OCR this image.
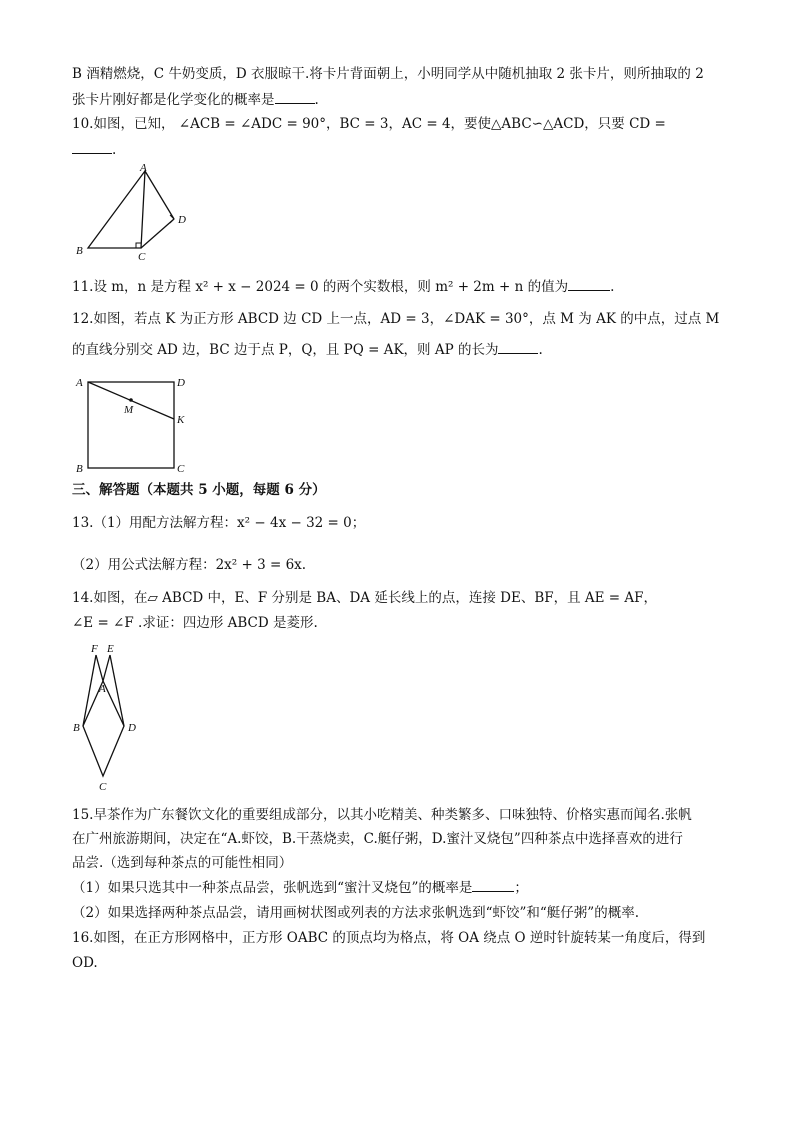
B 酒精燃烧，C 牛奶变质，D 衣服晾干.将卡片背面朝上，小明同学从中随机抽取 2 张卡片，则所抽取的 2
张卡片刚好都是化学变化的概率是	.
10.如图，已知， ∠ACB = ∠ADC = 90°，BC = 3，AC = 4，要使△ABC∽△ACD，只要 CD =
.
A
B	C
D
11.设 m，n 是方程 x² + x − 2024 = 0 的两个实数根，则 m² + 2m + n 的值为	.
12.如图，若点 K 为正方形 ABCD 边 CD 上一点，AD = 3，∠DAK = 30°，点 M 为 AK 的中点，过点 M
的直线分别交 AD 边，BC 边于点 P，Q，且 PQ = AK，则 AP 的长为	.
A	D
M
K
B	C
三、解答题（本题共 5 小题，每题 6 分）
13.（1）用配方法解方程：x² − 4x − 32 = 0；
（2）用公式法解方程：2x² + 3 = 6x.
14.如图，在▱ ABCD 中，E、F 分别是 BA、DA 延长线上的点，连接 DE、BF，且 AE = AF，
∠E = ∠F .求证：四边形 ABCD 是菱形.
F E
A
B	D
C
15.早茶作为广东餐饮文化的重要组成部分，以其小吃精美、种类繁多、口味独特、价格实惠而闻名.张帆
在广州旅游期间，决定在“A.虾饺，B.干蒸烧卖，C.艇仔粥，D.蜜汁叉烧包”四种茶点中选择喜欢的进行
品尝.（选到每种茶点的可能性相同）
（1）如果只选其中一种茶点品尝，张帆选到“蜜汁叉烧包”的概率是	；
（2）如果选择两种茶点品尝，请用画树状图或列表的方法求张帆选到“虾饺”和“艇仔粥”的概率.
16.如图，在正方形网格中，正方形 OABC 的顶点均为格点，将 OA 绕点 O 逆时针旋转某一角度后，得到
OD.
